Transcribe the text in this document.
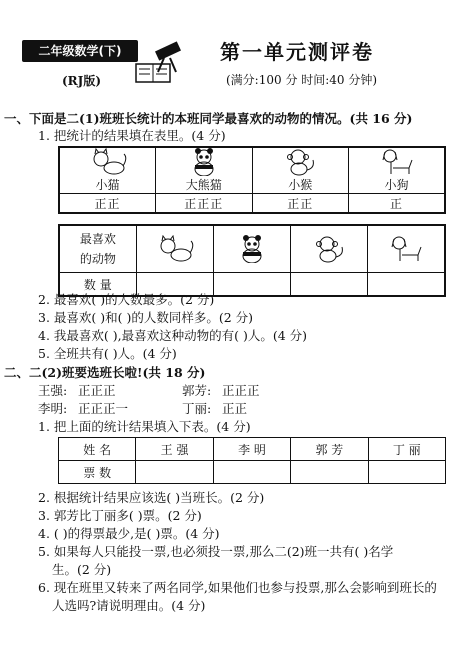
二年级数学(下)
(RJ版)
第一单元测评卷
(满分:100 分 时间:40 分钟)
一、下面是二(1)班班长统计的本班同学最喜欢的动物的情况。(共 16 分)
1. 把统计的结果填在表里。(4 分)
小猫	大熊猫	小猴	小狗

正正	正正正	正正	正
最喜欢的动物	

数 量				
2. 最喜欢( )的人数最多。(2 分)
3. 最喜欢( )和( )的人数同样多。(2 分)
4. 我最喜欢( ),最喜欢这种动物的有( )人。(4 分)
5. 全班共有( )人。(4 分)
二、二(2)班要选班长啦!(共 18 分)
王强: 正正正	郭芳: 正正正
李明: 正正正一	丁丽: 正正
1. 把上面的统计结果填入下表。(4 分)
姓 名	王 强	李 明	郭 芳	丁 丽
票 数				
2. 根据统计结果应该选( )当班长。(2 分)
3. 郭芳比丁丽多( )票。(2 分)
4. ( )的得票最少,是( )票。(4 分)
5. 如果每人只能投一票,也必须投一票,那么二(2)班一共有( )名学
生。(2 分)
6. 现在班里又转来了两名同学,如果他们也参与投票,那么会影响到班长的
人选吗?请说明理由。(4 分)
